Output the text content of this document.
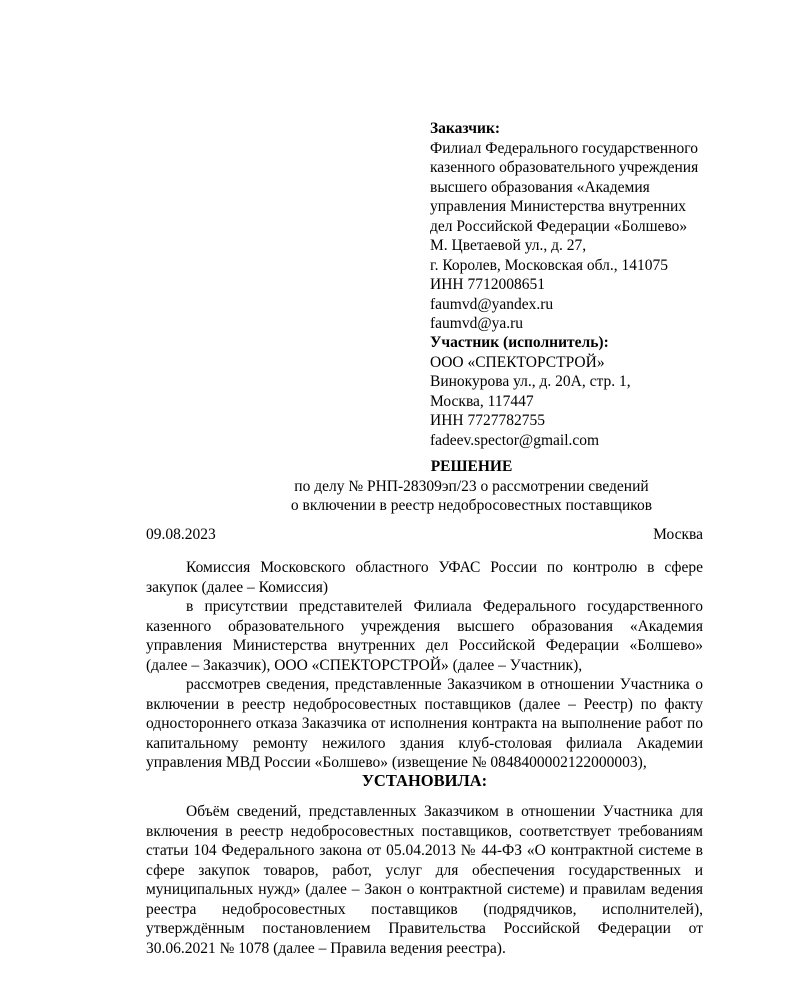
Заказчик:
Филиал Федерального государственного
казенного образовательного учреждения
высшего образования «Академия
управления Министерства внутренних
дел Российской Федерации «Болшево»
М. Цветаевой ул., д. 27,
г. Королев, Московская обл., 141075
ИНН 7712008651
faumvd@yandex.ru
faumvd@ya.ru
Участник (исполнитель):
ООО «СПЕКТОРСТРОЙ»
Винокурова ул., д. 20А, стр. 1,
Москва, 117447
ИНН 7727782755
fadeev.spector@gmail.com
РЕШЕНИЕ
по делу № РНП-28309эп/23 о рассмотрении сведений
о включении в реестр недобросовестных поставщиков
09.08.2023	Москва

Комиссия Московского областного УФАС России по контролю в сфере закупок (далее – Комиссия)

в присутствии представителей Филиала Федерального государственного казенного образовательного учреждения высшего образования «Академия управления Министерства внутренних дел Российской Федерации «Болшево» (далее – Заказчик), ООО «СПЕКТОРСТРОЙ» (далее – Участник),

рассмотрев сведения, представленные Заказчиком в отношении Участника о включении в реестр недобросовестных поставщиков (далее – Реестр) по факту одностороннего отказа Заказчика от исполнения контракта на выполнение работ по капитальному ремонту нежилого здания клуб-столовая филиала Академии управления МВД России «Болшево» (извещение № 0848400002122000003),

УСТАНОВИЛА:

Объём сведений, представленных Заказчиком в отношении Участника для включения в реестр недобросовестных поставщиков, соответствует требованиям статьи 104 Федерального закона от 05.04.2013 № 44-ФЗ «О контрактной системе в сфере закупок товаров, работ, услуг для обеспечения государственных и муниципальных нужд» (далее – Закон о контрактной системе) и правилам ведения реестра недобросовестных поставщиков (подрядчиков, исполнителей), утверждённым постановлением Правительства Российской Федерации от 30.06.2021 № 1078 (далее – Правила ведения реестра).
